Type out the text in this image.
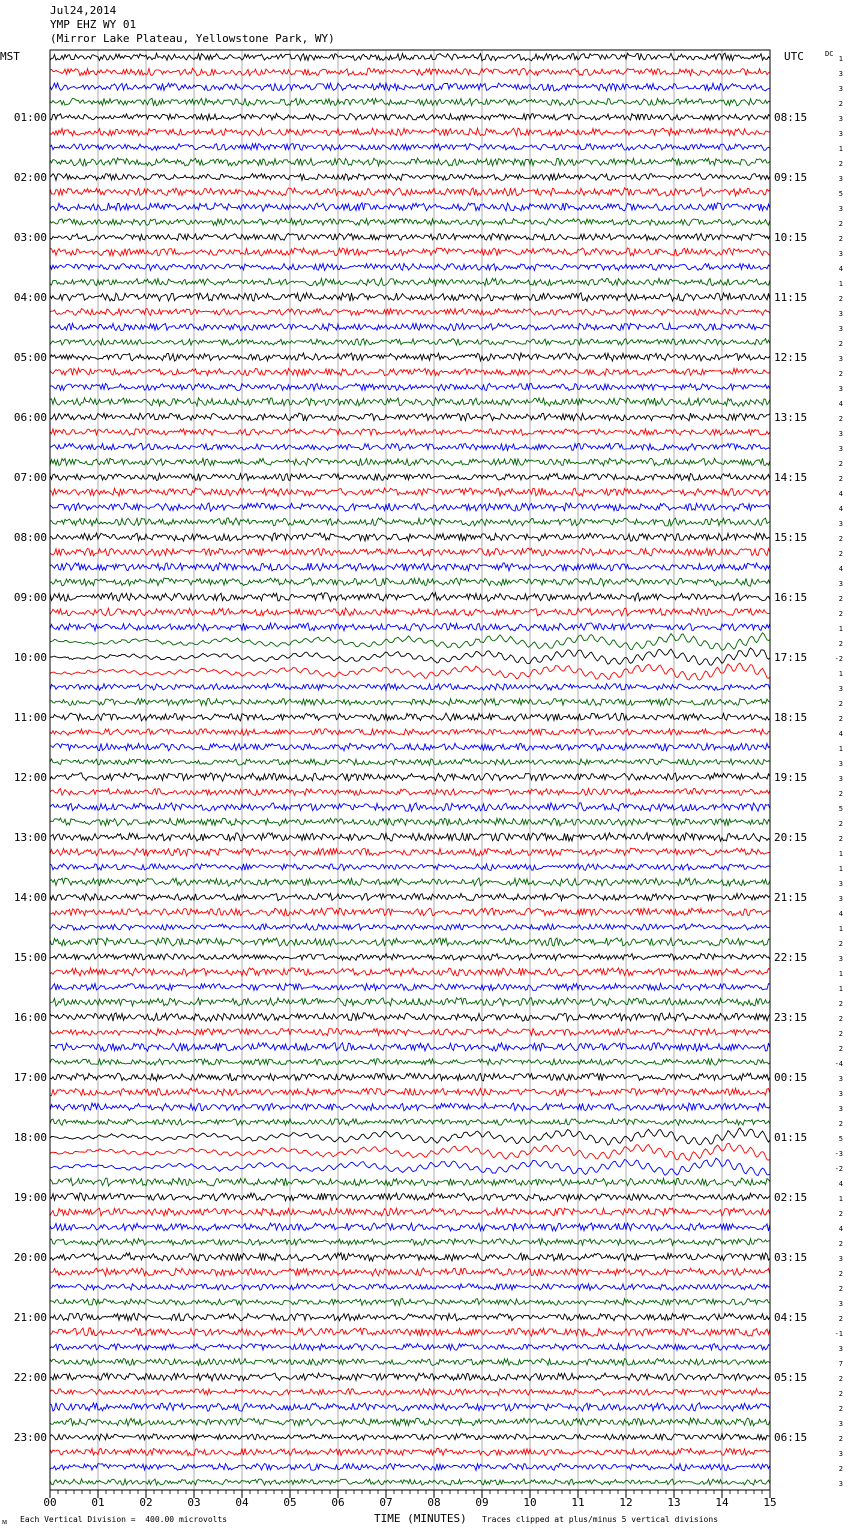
Jul24,2014
YMP EHZ WY 01
(Mirror Lake Plateau, Yellowstone Park, WY)
MST	UTC	DC
01:00
02:00
03:00
04:00
05:00
06:00
07:00
08:00
09:00
10:00
11:00
12:00
13:00
14:00
15:00
16:00
17:00
18:00
19:00
20:00
21:00
22:00
23:00
08:15
09:15
10:15
11:15
12:15
13:15
14:15
15:15
16:15
17:15
18:15
19:15
20:15
21:15
22:15
23:15
00:15
01:15
02:15
03:15
04:15
05:15
06:15
1
3
3
2
3
3
1
2
3
5
3
2
2
3
4
1
2
3
3
2
3
2
3
4
2
3
3
2
2
4
4
3
2
2
4
3
2
2
1
2
-2
1
3
2
2
4
1
3
3
2
5
2
2
1
1
3
3
4
1
2
3
1
1
2
2
2
2
-4
3
3
3
2
5
-3
-2
4
1
2
4
2
3
2
2
3
2
-1
3
7
2
2
2
3
2
3
2
3
00	01	02	03	04	05	06	07	08	09	10	11	12	13	14	15
ᴍ Each Vertical Division =  400.00 microvolts	TIME (MINUTES) Traces clipped at plus/minus 5 vertical divisions
